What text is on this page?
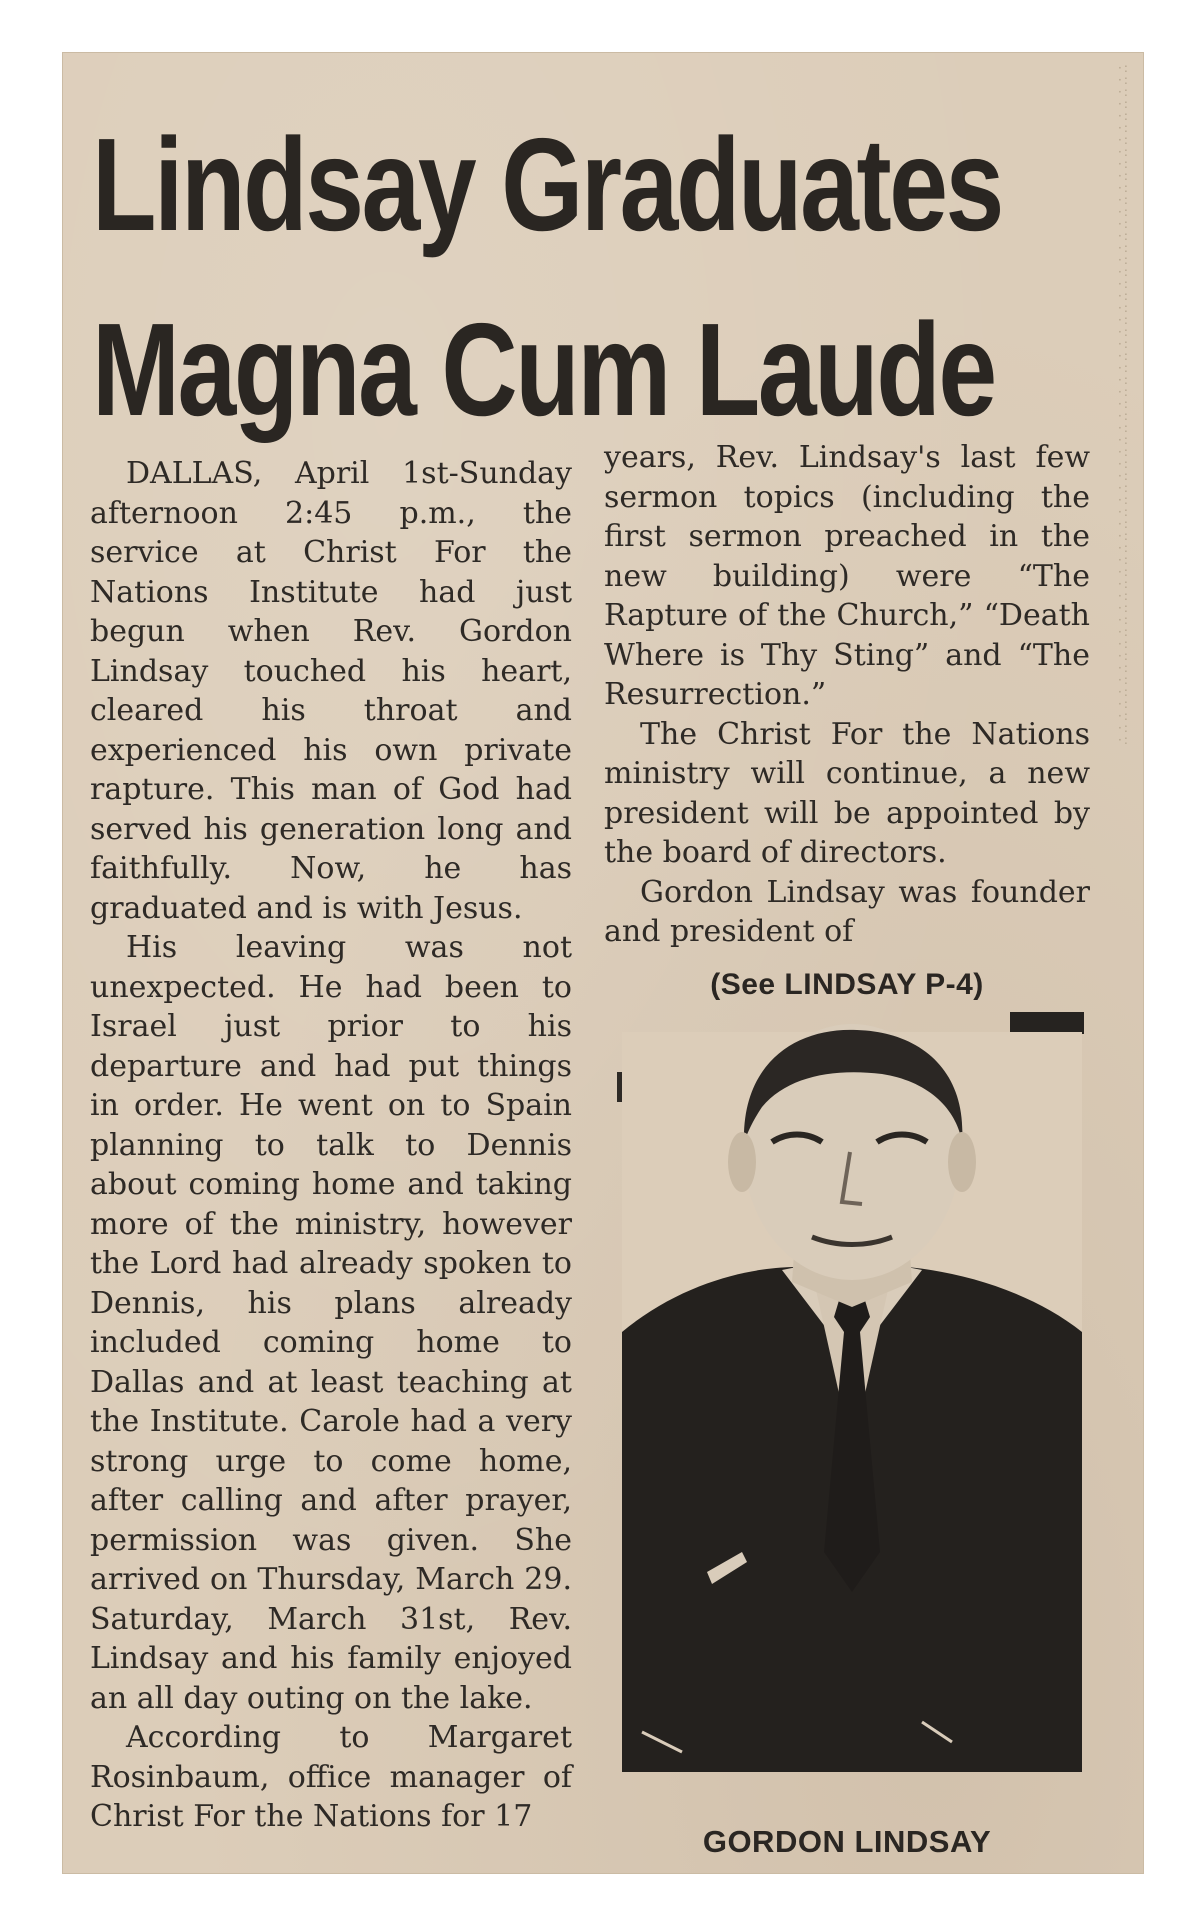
·:·:·:·:·:·:·:·:·:·:·:·:·:·:·:·:·:·:·:·:·:·:·:·:·:·:·:·:·:·:·:·:·:·:·:·:·:·:·:·:·:·:·:·:·:·:·:·:·:·:·:·:·:·:·:·:·:
Lindsay Graduates
Magna Cum Laude

DALLAS, April 1st-Sunday afternoon 2:45 p.m., the service at Christ For the Nations Institute had just begun when Rev. Gordon Lindsay touched his heart, cleared his throat and experienced his own private rapture. This man of God had served his generation long and faithfully. Now, he has graduated and is with Jesus.

His leaving was not unexpected. He had been to Israel just prior to his departure and had put things in order. He went on to Spain planning to talk to Dennis about coming home and taking more of the ministry, however the Lord had already spoken to Dennis, his plans already included coming home to Dallas and at least teaching at the Institute. Carole had a very strong urge to come home, after calling and after prayer, permission was given. She arrived on Thursday, March 29. Saturday, March 31st, Rev. Lindsay and his family enjoyed an all day outing on the lake.

According to Margaret Rosinbaum, office manager of Christ For the Nations for 17

years, Rev. Lindsay's last few sermon topics (including the first sermon preached in the new building) were “The Rapture of the Church,” “Death Where is Thy Sting” and “The Resurrection.”

The Christ For the Nations ministry will continue, a new president will be appointed by the board of directors.

Gordon Lindsay was founder and president of

(See LINDSAY P-4)
GORDON LINDSAY
